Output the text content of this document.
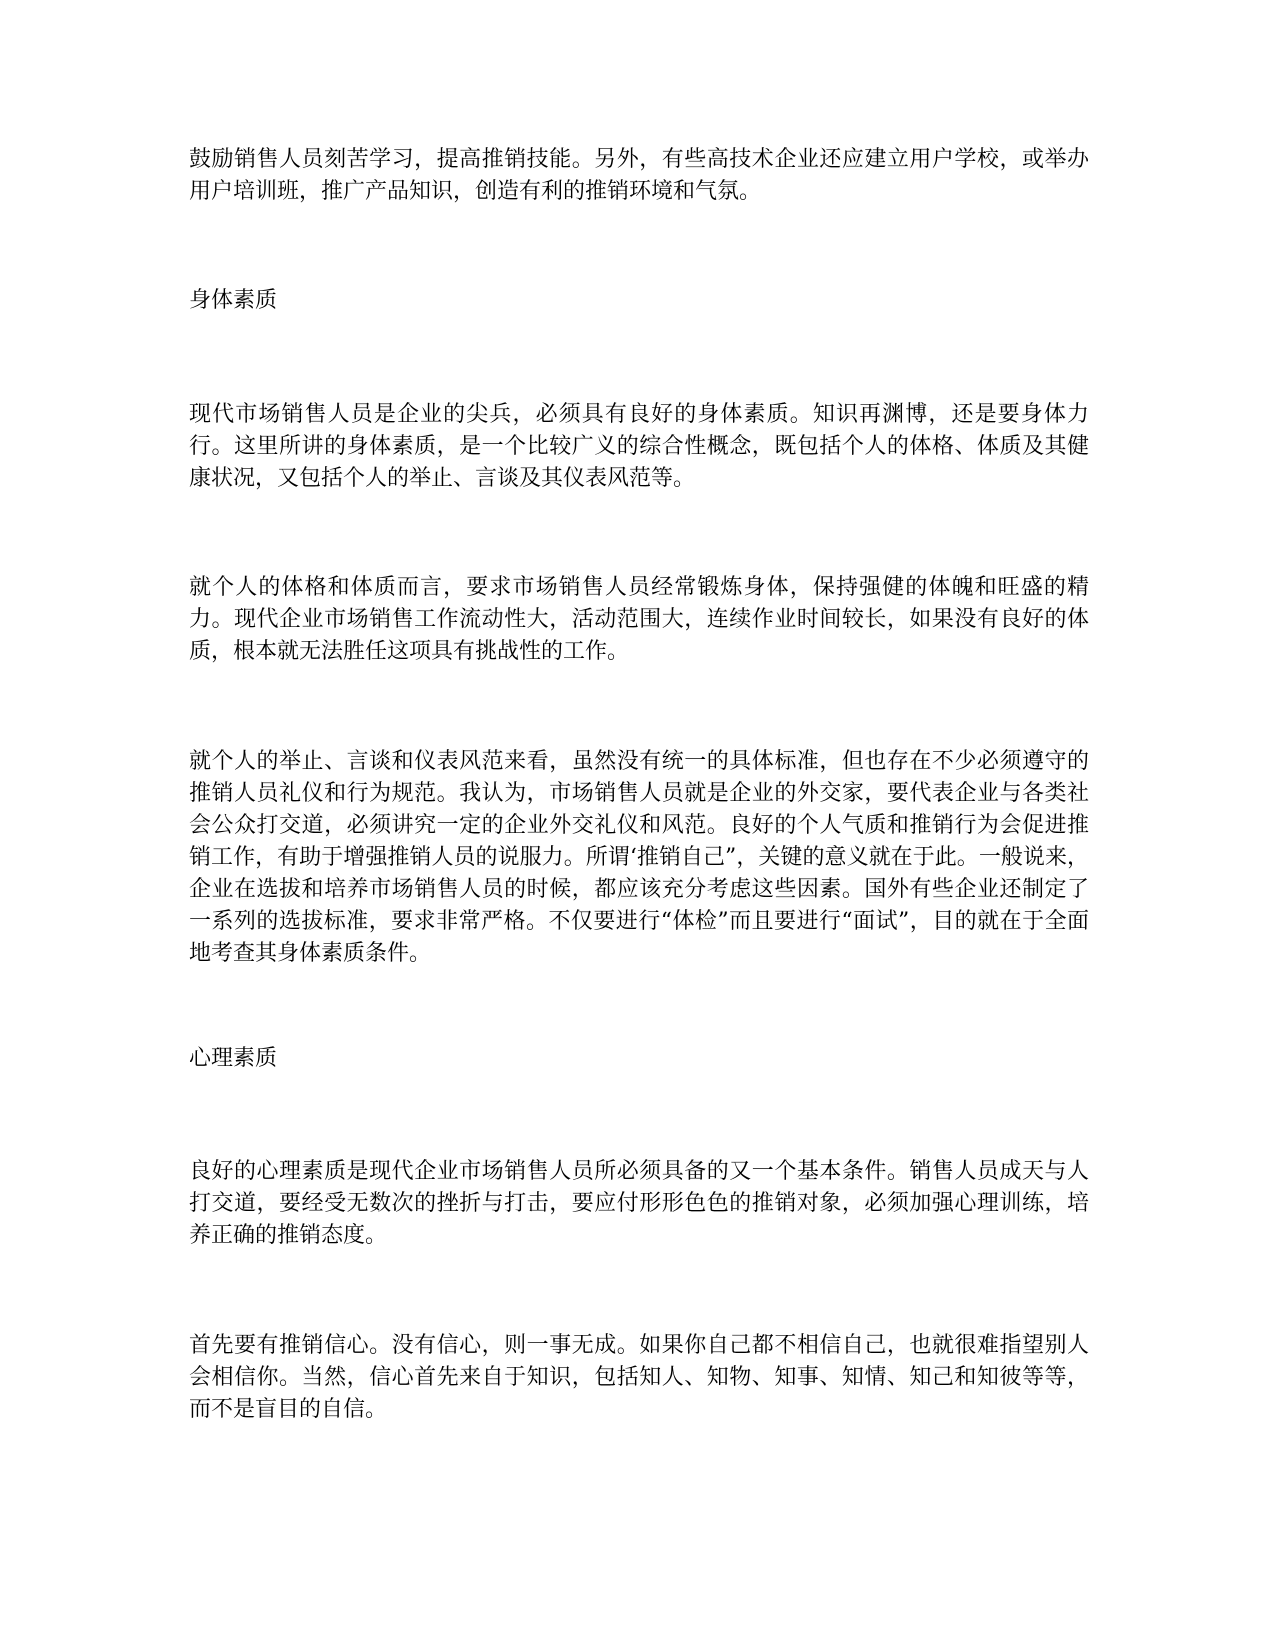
鼓励销售人员刻苦学习，提高推销技能。另外，有些高技术企业还应建立用户学校，或举办用户培训班，推广产品知识，创造有利的推销环境和气氛。

身体素质

现代市场销售人员是企业的尖兵，必须具有良好的身体素质。知识再渊博，还是要身体力行。这里所讲的身体素质，是一个比较广义的综合性概念，既包括个人的体格、体质及其健康状况，又包括个人的举止、言谈及其仪表风范等。

就个人的体格和体质而言，要求市场销售人员经常锻炼身体，保持强健的体魄和旺盛的精力。现代企业市场销售工作流动性大，活动范围大，连续作业时间较长，如果没有良好的体质，根本就无法胜任这项具有挑战性的工作。

就个人的举止、言谈和仪表风范来看，虽然没有统一的具体标准，但也存在不少必须遵守的推销人员礼仪和行为规范。我认为，市场销售人员就是企业的外交家，要代表企业与各类社会公众打交道，必须讲究一定的企业外交礼仪和风范。良好的个人气质和推销行为会促进推销工作，有助于增强推销人员的说服力。所谓‘推销自己”，关键的意义就在于此。一般说来，企业在选拔和培养市场销售人员的时候，都应该充分考虑这些因素。国外有些企业还制定了一系列的选拔标准，要求非常严格。不仅要进行“体检”而且要进行“面试”，目的就在于全面地考查其身体素质条件。

心理素质

良好的心理素质是现代企业市场销售人员所必须具备的又一个基本条件。销售人员成天与人打交道，要经受无数次的挫折与打击，要应付形形色色的推销对象，必须加强心理训练，培养正确的推销态度。

首先要有推销信心。没有信心，则一事无成。如果你自己都不相信自己，也就很难指望别人会相信你。当然，信心首先来自于知识，包括知人、知物、知事、知情、知己和知彼等等，而不是盲目的自信。
